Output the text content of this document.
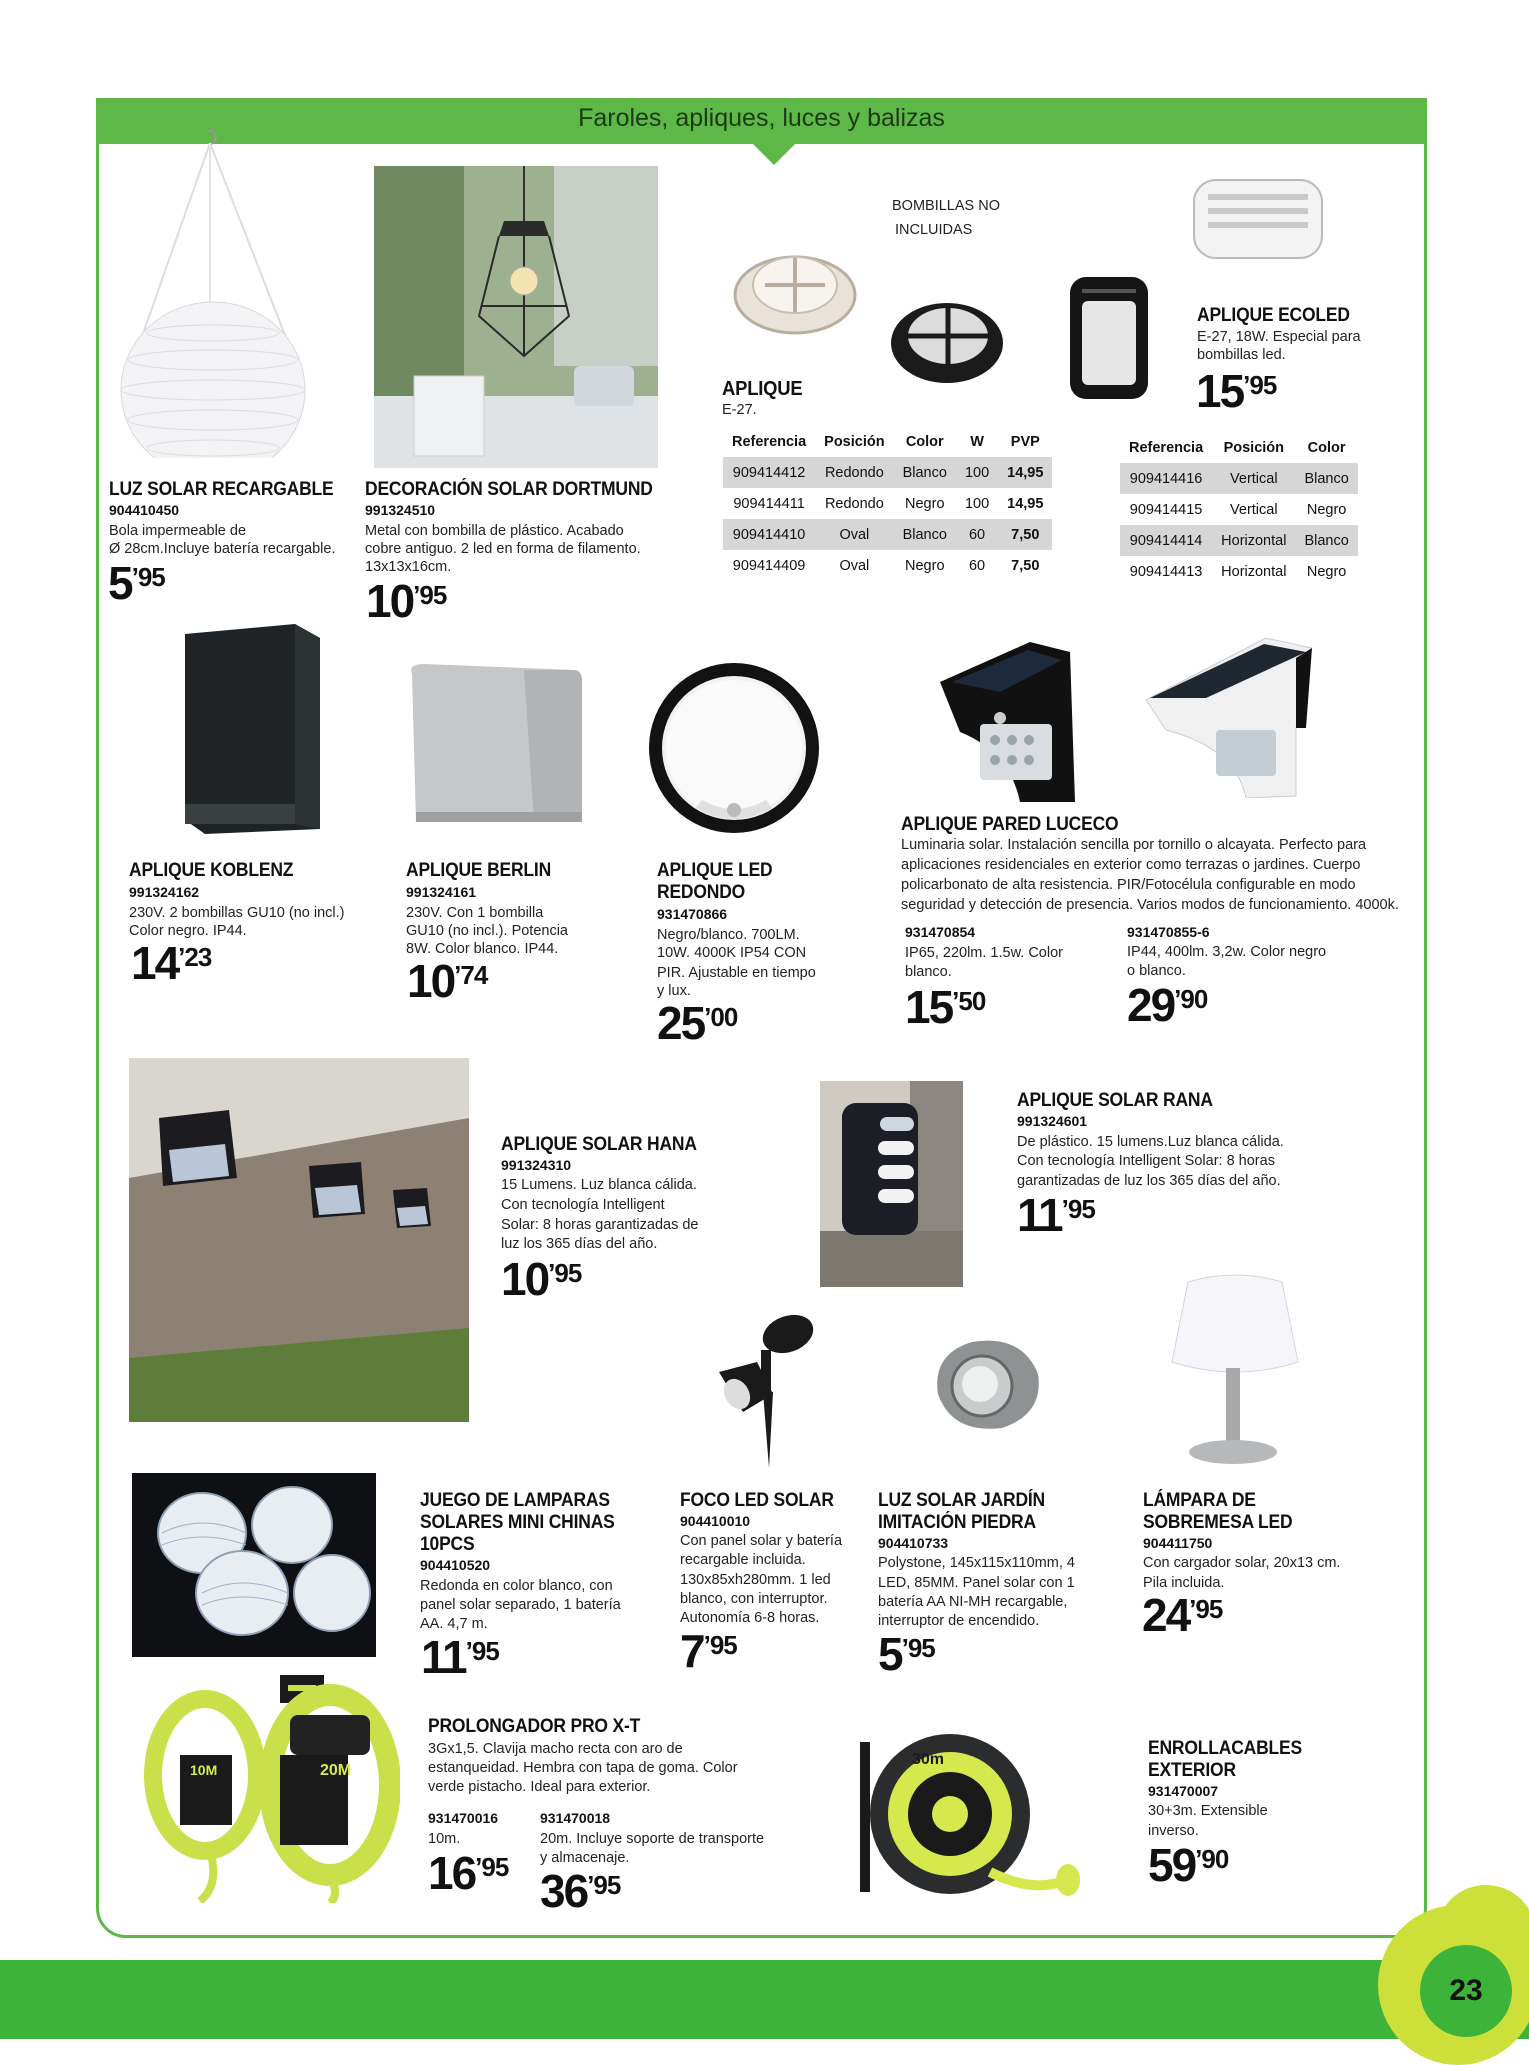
Faroles, apliques, luces y balizas
LUZ SOLAR RECARGABLE
904410450
Bola impermeable de
Ø 28cm.Incluye batería recargable.
5’95
DECORACIÓN SOLAR DORTMUND
991324510
Metal con bombilla de plástico. Acabado
cobre antiguo. 2 led en forma de filamento.
13x13x16cm.
10’95
BOMBILLAS NO
INCLUIDAS
APLIQUE
E-27.
Referencia	Posición	Color	W	PVP
909414412	Redondo	Blanco	100	14,95
909414411	Redondo	Negro	100	14,95
909414410	Oval	Blanco	60	7,50
909414409	Oval	Negro	60	7,50
APLIQUE ECOLED
E-27, 18W. Especial para
bombillas led.
15’95
Referencia	Posición	Color
909414416	Vertical	Blanco
909414415	Vertical	Negro
909414414	Horizontal	Blanco
909414413	Horizontal	Negro
APLIQUE KOBLENZ
991324162
230V. 2 bombillas GU10 (no incl.)
Color negro. IP44.
14’23
APLIQUE BERLIN
991324161
230V. Con 1 bombilla
GU10 (no incl.). Potencia
8W. Color blanco. IP44.
10’74
APLIQUE LED
REDONDO
931470866
Negro/blanco. 700LM.
10W. 4000K IP54 CON
PIR. Ajustable en tiempo
y lux.
25’00
APLIQUE PARED LUCECO
Luminaria solar. Instalación sencilla por tornillo o alcayata. Perfecto para
aplicaciones residenciales en exterior como terrazas o jardines. Cuerpo
policarbonato de alta resistencia. PIR/Fotocélula configurable en modo
seguridad y detección de presencia. Varios modos de funcionamiento. 4000k.
931470854
IP65, 220lm. 1.5w. Color
blanco.
15’50
931470855-6
IP44, 400lm. 3,2w. Color negro
o blanco.
29’90
APLIQUE SOLAR HANA
991324310
15 Lumens. Luz blanca cálida.
Con tecnología Intelligent
Solar: 8 horas garantizadas de
luz los 365 días del año.
10’95
APLIQUE SOLAR RANA
991324601
De plástico. 15 lumens.Luz blanca cálida.
Con tecnología Intelligent Solar: 8 horas
garantizadas de luz los 365 días del año.
11’95
JUEGO DE LAMPARAS
SOLARES MINI CHINAS
10PCS
904410520
Redonda en color blanco, con
panel solar separado, 1 batería
AA. 4,7 m.
11’95
FOCO LED SOLAR
904410010
Con panel solar y batería
recargable incluida.
130x85xh280mm. 1 led
blanco, con interruptor.
Autonomía 6-8 horas.
7’95
LUZ SOLAR JARDÍN
IMITACIÓN PIEDRA
904410733
Polystone, 145x115x110mm, 4
LED, 85MM. Panel solar con 1
batería AA NI-MH recargable,
interruptor de encendido.
5’95
LÁMPARA DE
SOBREMESA LED
904411750
Con cargador solar, 20x13 cm.
Pila incluida.
24’95
10M	20M
PROLONGADOR PRO X-T
3Gx1,5. Clavija macho recta con aro de
estanqueidad. Hembra con tapa de goma. Color
verde pistacho. Ideal para exterior.
931470016
10m.
16’95
931470018
20m. Incluye soporte de transporte
y almacenaje.
36’95
30m
ENROLLACABLES
EXTERIOR
931470007
30+3m. Extensible
inverso.
59’90
23
